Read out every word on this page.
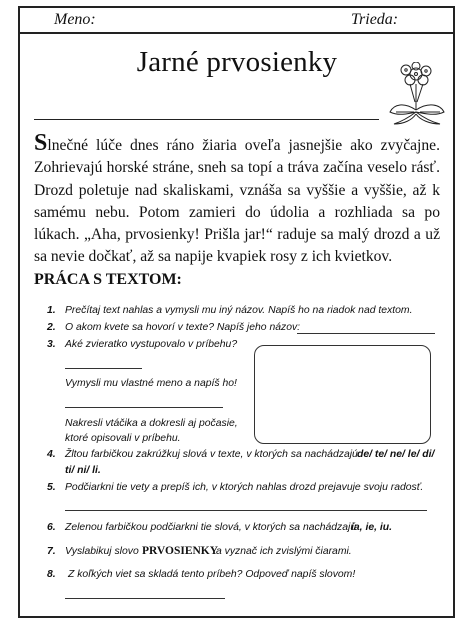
Meno:	Trieda:
Jarné prvosienky
Slnečné lúče dnes ráno žiaria oveľa jasnejšie ako zvyčajne. Zohrievajú horské stráne, sneh sa topí a tráva začína veselo rásť. Drozd poletuje nad skaliskami, vznáša sa vyššie a vyššie, až k samému nebu. Potom zamieri do údolia a rozhliada sa po lúkach. „Aha, prvosienky! Prišla jar!“ raduje sa malý drozd a už sa nevie dočkať, až sa napije kvapiek rosy z ich kvietkov.
PRÁCA S TEXTOM:
1. Prečítaj text nahlas a vymysli mu iný názov. Napíš ho na riadok nad textom.
2. O akom kvete sa hovorí v texte? Napíš jeho názov:
3. Aké zvieratko vystupovalo v príbehu?
Vymysli mu vlastné meno a napíš ho!
Nakresli vtáčika a dokresli aj počasie,
ktoré opisovali v príbehu.
4. Žltou farbičkou zakrúžkuj slová v texte, v ktorých sa nachádzajú de/ te/ ne/ le/ di/
ti/ ni/ li.
5. Podčiarkni tie vety a prepíš ich, v ktorých nahlas drozd prejavuje svoju radosť.
6. Zelenou farbičkou podčiarkni tie slová, v ktorých sa nachádzajú
ia, ie, iu.
7. Vyslabikuj slovo PRVOSIENKY
a vyznač ich zvislými čiarami.
8. Z koľkých viet sa skladá tento príbeh? Odpoveď napíš slovom!
